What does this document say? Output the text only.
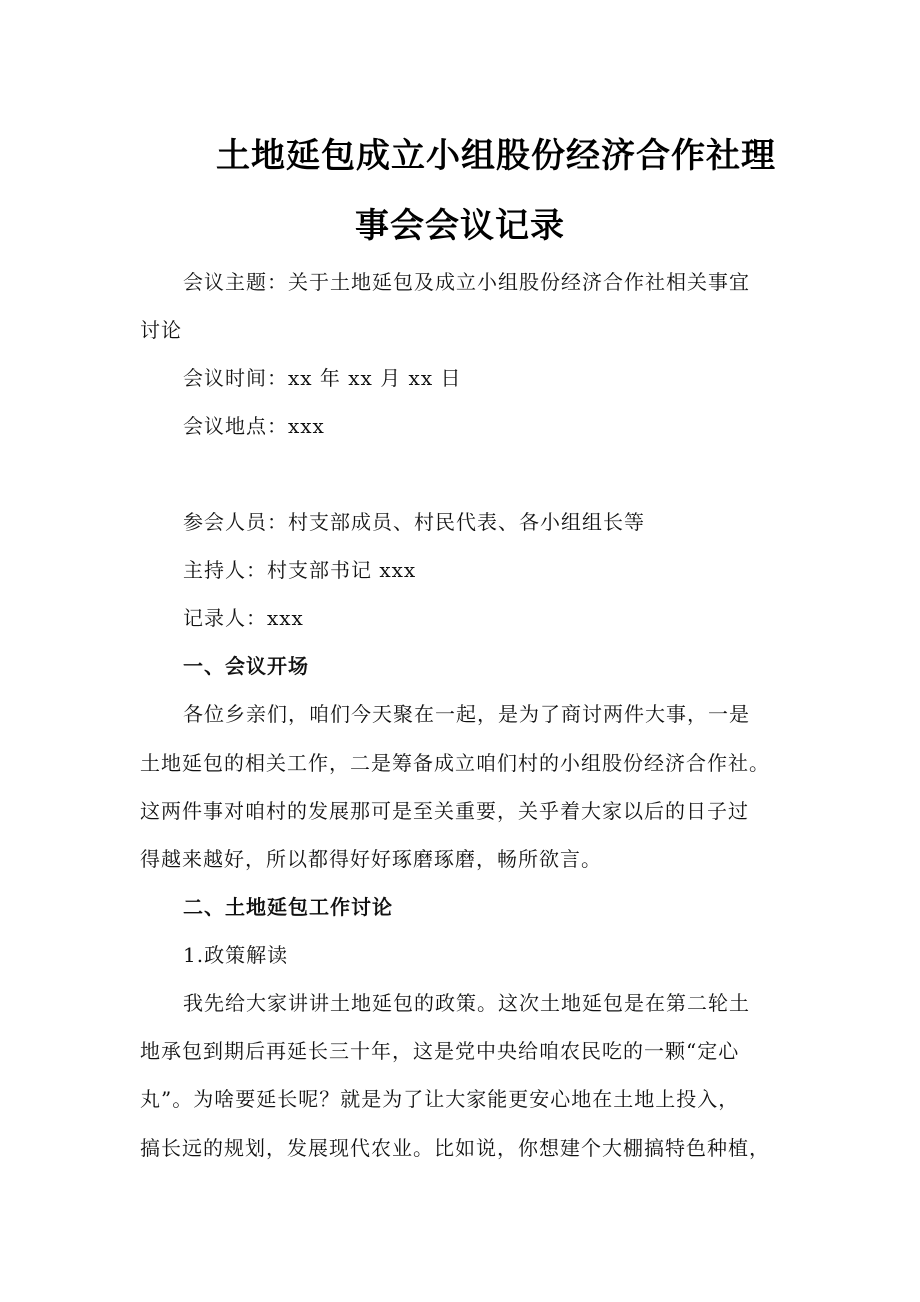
土地延包成立小组股份经济合作社理
事会会议记录
会议主题：关于土地延包及成立小组股份经济合作社相关事宜
讨论
会议时间：xx 年 xx 月 xx 日
会议地点：xxx
参会人员：村支部成员、村民代表、各小组组长等
主持人：村支部书记 xxx
记录人：xxx
一、会议开场
各位乡亲们，咱们今天聚在一起，是为了商讨两件大事，一是
土地延包的相关工作，二是筹备成立咱们村的小组股份经济合作社。
这两件事对咱村的发展那可是至关重要，关乎着大家以后的日子过
得越来越好，所以都得好好琢磨琢磨，畅所欲言。
二、土地延包工作讨论
1.政策解读
我先给大家讲讲土地延包的政策。这次土地延包是在第二轮土
地承包到期后再延长三十年，这是党中央给咱农民吃的一颗“定心
丸”。为啥要延长呢？就是为了让大家能更安心地在土地上投入，
搞长远的规划，发展现代农业。比如说，你想建个大棚搞特色种植，
